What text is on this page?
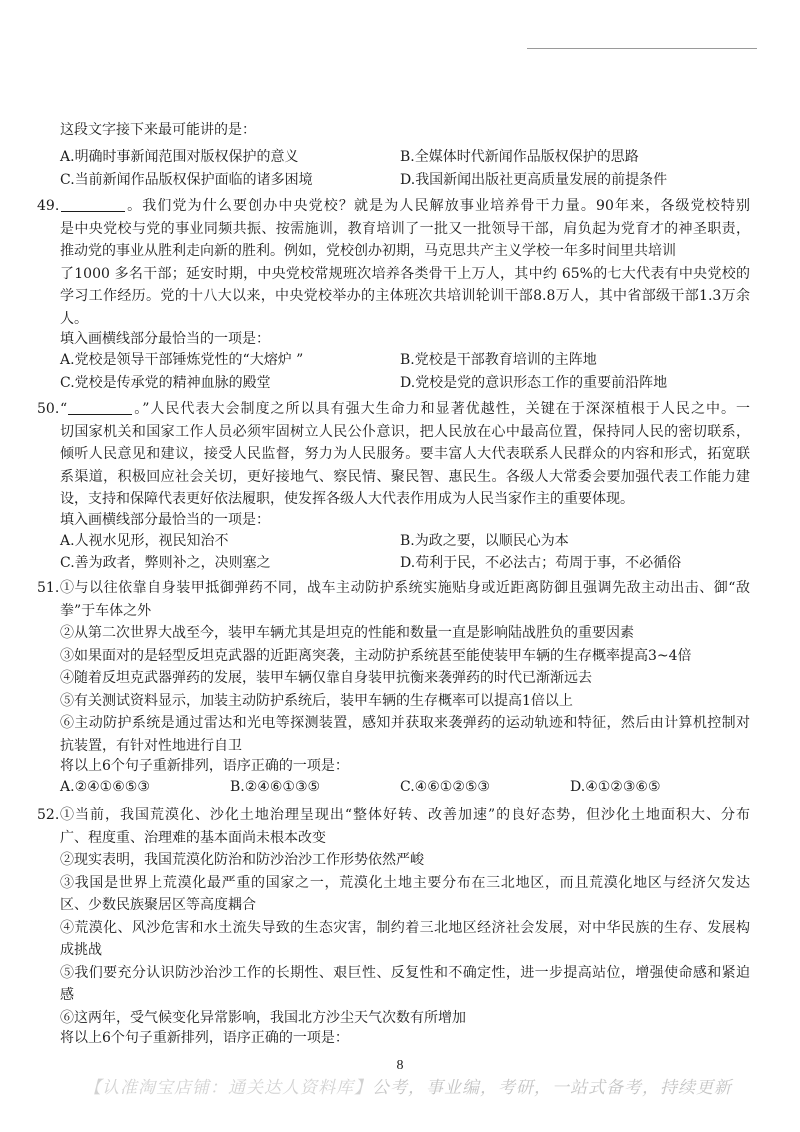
这段文字接下来最可能讲的是：
A.明确时事新闻范围对版权保护的意义	B.全媒体时代新闻作品版权保护的思路
C.当前新闻作品版权保护面临的诸多困境	D.我国新闻出版社更高质量发展的前提条件
49.	。我们党为什么要创办中央党校？就是为人民解放事业培养骨干力量。90年来，各级党校特别
是中央党校与党的事业同频共振、按需施训，教育培训了一批又一批领导干部，肩负起为党育才的神圣职责，
推动党的事业从胜利走向新的胜利。例如，党校创办初期，马克思共产主义学校一年多时间里共培训
了1000 多名干部；延安时期，中央党校常规班次培养各类骨干上万人，其中约 65%的七大代表有中央党校的
学习工作经历。党的十八大以来，中央党校举办的主体班次共培训轮训干部8.8万人，其中省部级干部1.3万余
人。
填入画横线部分最恰当的一项是：
A.党校是领导干部锤炼党性的“大熔炉 ”	B.党校是干部教育培训的主阵地
C.党校是传承党的精神血脉的殿堂	D.党校是党的意识形态工作的重要前沿阵地
50. “	。”人民代表大会制度之所以具有强大生命力和显著优越性，关键在于深深植根于人民之中。一
切国家机关和国家工作人员必须牢固树立人民公仆意识，把人民放在心中最高位置，保持同人民的密切联系，
倾听人民意见和建议，接受人民监督，努力为人民服务。要丰富人大代表联系人民群众的内容和形式，拓宽联
系渠道，积极回应社会关切，更好接地气、察民情、聚民智、惠民生。各级人大常委会要加强代表工作能力建
设，支持和保障代表更好依法履职，使发挥各级人大代表作用成为人民当家作主的重要体现。
填入画横线部分最恰当的一项是：
A.人视水见形，视民知治不	B.为政之要，以顺民心为本
C.善为政者，弊则补之，决则塞之	D.苟利于民，不必法古；苟周于事，不必循俗
51. ①与以往依靠自身装甲抵御弹药不同，战车主动防护系统实施贴身或近距离防御且强调先敌主动出击、御“敌
拳”于车体之外
②从第二次世界大战至今，装甲车辆尤其是坦克的性能和数量一直是影响陆战胜负的重要因素
③如果面对的是轻型反坦克武器的近距离突袭，主动防护系统甚至能使装甲车辆的生存概率提高3~4倍
④随着反坦克武器弹药的发展，装甲车辆仅靠自身装甲抗衡来袭弹药的时代已渐渐远去
⑤有关测试资料显示，加装主动防护系统后，装甲车辆的生存概率可以提高1倍以上
⑥主动防护系统是通过雷达和光电等探测装置，感知并获取来袭弹药的运动轨迹和特征，然后由计算机控制对
抗装置，有针对性地进行自卫
将以上6个句子重新排列，语序正确的一项是：
A.②④①⑥⑤③	B.②④⑥①③⑤	C.④⑥①②⑤③	D.④①②③⑥⑤
52. ①当前，我国荒漠化、沙化土地治理呈现出“整体好转、改善加速”的良好态势，但沙化土地面积大、分布
广、程度重、治理难的基本面尚未根本改变
②现实表明，我国荒漠化防治和防沙治沙工作形势依然严峻
③我国是世界上荒漠化最严重的国家之一，荒漠化土地主要分布在三北地区，而且荒漠化地区与经济欠发达
区、少数民族聚居区等高度耦合
④荒漠化、风沙危害和水土流失导致的生态灾害，制约着三北地区经济社会发展，对中华民族的生存、发展构
成挑战
⑤我们要充分认识防沙治沙工作的长期性、艰巨性、反复性和不确定性，进一步提高站位，增强使命感和紧迫
感
⑥这两年，受气候变化异常影响，我国北方沙尘天气次数有所增加
将以上6个句子重新排列，语序正确的一项是：
8
【认准淘宝店铺：通关达人资料库】公考，事业编，考研，一站式备考，持续更新
